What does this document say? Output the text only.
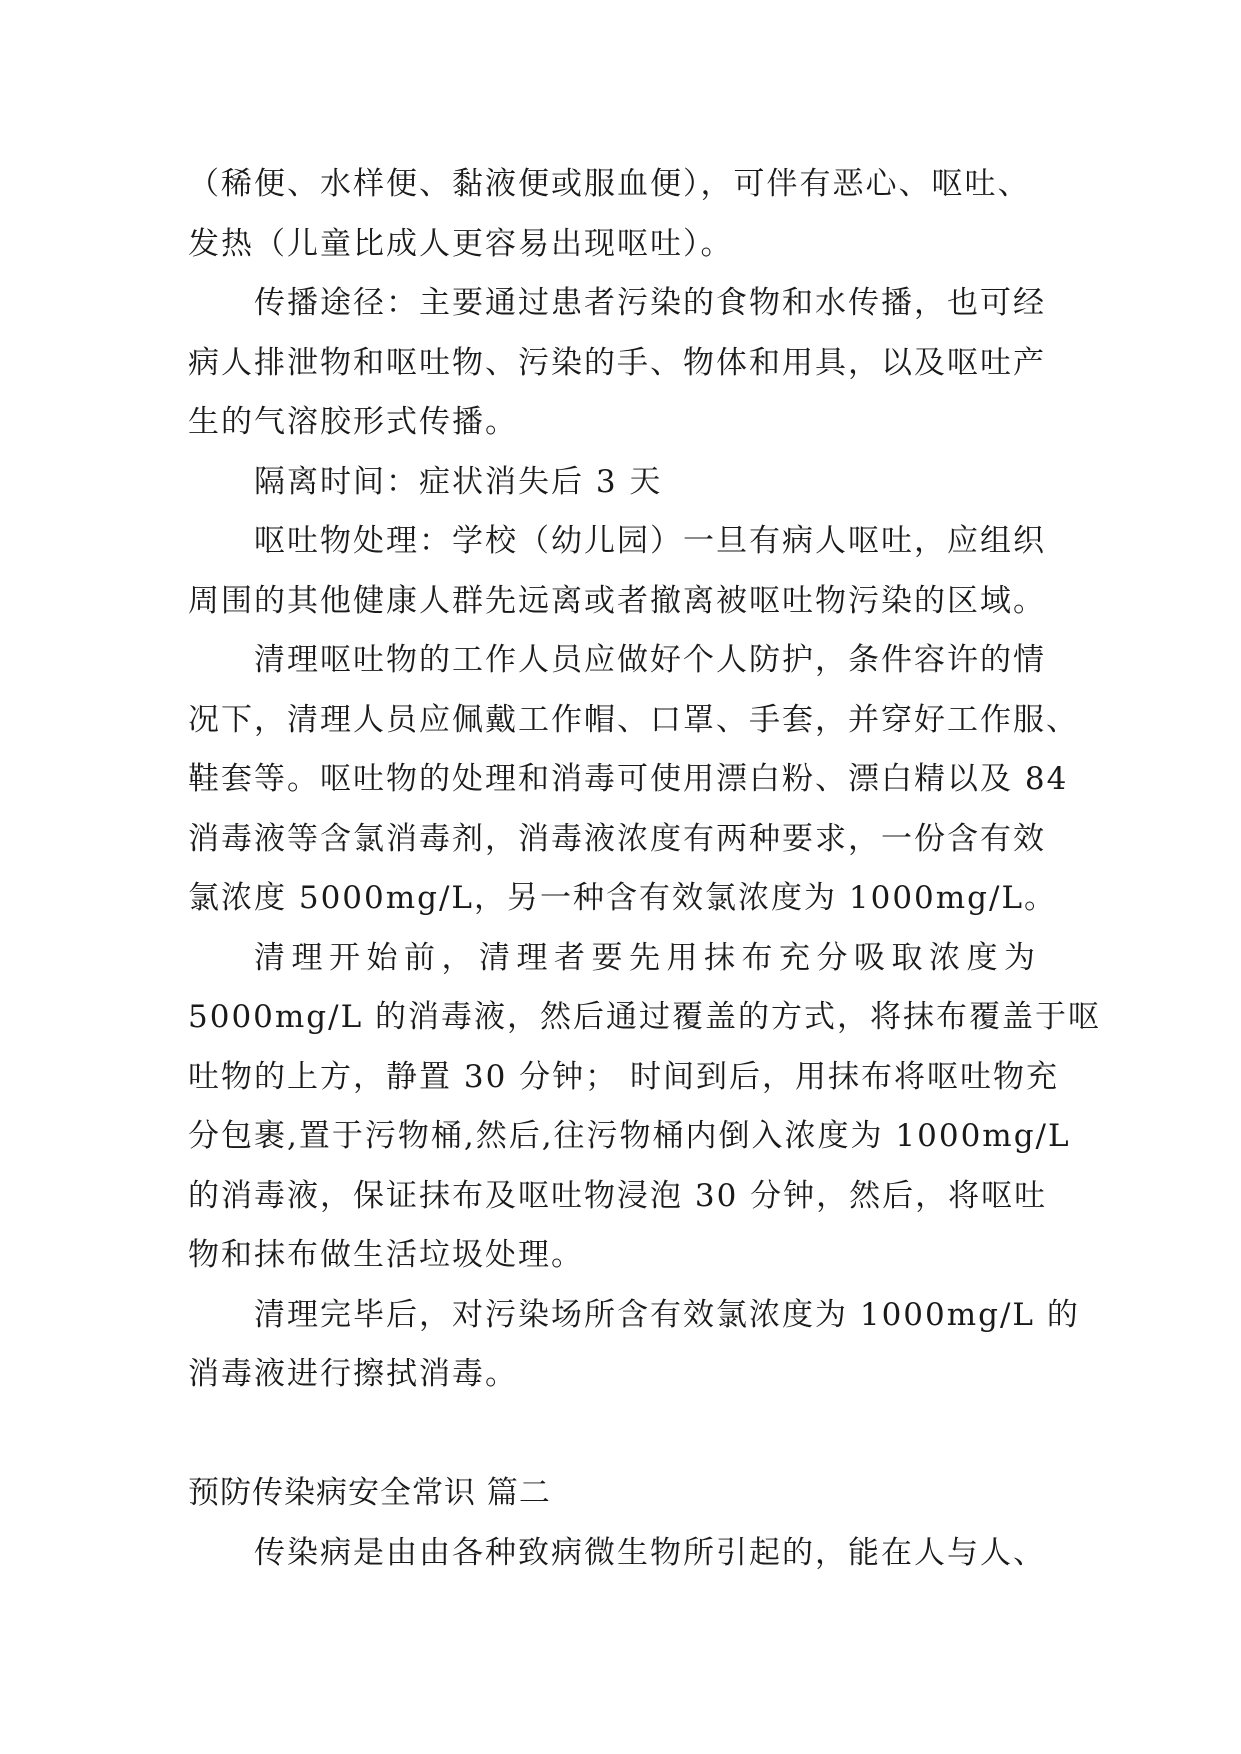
（稀便、水样便、黏液便或服血便），可伴有恶心、呕吐、
发热（儿童比成人更容易出现呕吐）。
传播途径：主要通过患者污染的食物和水传播，也可经
病人排泄物和呕吐物、污染的手、物体和用具，以及呕吐产
生的气溶胶形式传播。
隔离时间：症状消失后 3 天
呕吐物处理：学校（幼儿园）一旦有病人呕吐，应组织
周围的其他健康人群先远离或者撤离被呕吐物污染的区域。
清理呕吐物的工作人员应做好个人防护，条件容许的情
况下，清理人员应佩戴工作帽、口罩、手套，并穿好工作服、
鞋套等。呕吐物的处理和消毒可使用漂白粉、漂白精以及 84
消毒液等含氯消毒剂，消毒液浓度有两种要求，一份含有效
氯浓度 5000mg/L，另一种含有效氯浓度为 1000mg/L。
清理开始前，清理者要先用抹布充分吸取浓度为
5000mg/L 的消毒液，然后通过覆盖的方式，将抹布覆盖于呕
吐物的上方，静置 30 分钟； 时间到后，用抹布将呕吐物充
分包裹,置于污物桶,然后,往污物桶内倒入浓度为 1000mg/L
的消毒液，保证抹布及呕吐物浸泡 30 分钟，然后，将呕吐
物和抹布做生活垃圾处理。
清理完毕后，对污染场所含有效氯浓度为 1000mg/L 的
消毒液进行擦拭消毒。
预防传染病安全常识 篇二
传染病是由由各种致病微生物所引起的，能在人与人、
